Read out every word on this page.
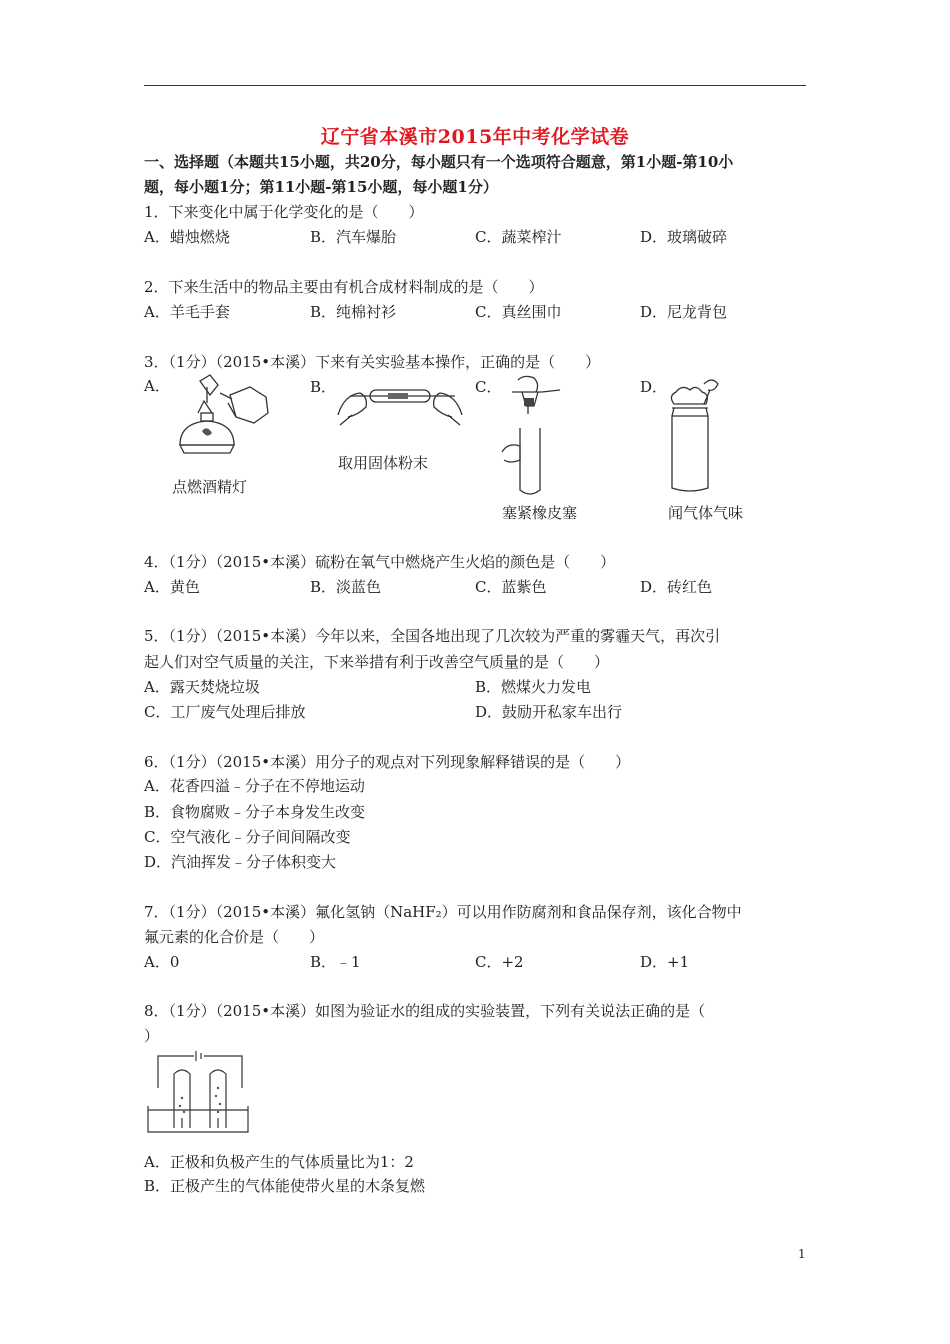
辽宁省本溪市2015年中考化学试卷
一、选择题（本题共15小题，共20分，每小题只有一个选项符合题意，第1小题-第10小
题，每小题1分；第11小题-第15小题，每小题1分）
1．下来变化中属于化学变化的是（　　）
A．蜡烛燃烧	B．汽车爆胎	C．蔬菜榨汁	D．玻璃破碎
2．下来生活中的物品主要由有机合成材料制成的是（　　）
A．羊毛手套	B．纯棉衬衫	C．真丝围巾	D．尼龙背包
3．（1分）（2015•本溪）下来有关实验基本操作，正确的是（　　）
A．	B．	C．	D．
点燃酒精灯
取用固体粉末
塞紧橡皮塞	闻气体气味
4．（1分）（2015•本溪）硫粉在氧气中燃烧产生火焰的颜色是（　　）
A．黄色	B．淡蓝色	C．蓝紫色	D．砖红色
5．（1分）（2015•本溪）今年以来，全国各地出现了几次较为严重的雾霾天气，再次引
起人们对空气质量的关注，下来举措有利于改善空气质量的是（　　）
A．露天焚烧垃圾	B．燃煤火力发电
C．工厂废气处理后排放	D．鼓励开私家车出行
6．（1分）（2015•本溪）用分子的观点对下列现象解释错误的是（　　）
A．花香四溢﹣分子在不停地运动
B．食物腐败﹣分子本身发生改变
C．空气液化﹣分子间间隔改变
D．汽油挥发﹣分子体积变大
7．（1分）（2015•本溪）氟化氢钠（NaHF₂）可以用作防腐剂和食品保存剂，该化合物中
氟元素的化合价是（　　）
A．0	B．﹣1	C．+2	D．+1
8．（1分）（2015•本溪）如图为验证水的组成的实验装置，下列有关说法正确的是（
）
A．正极和负极产生的气体质量比为1：2
B．正极产生的气体能使带火星的木条复燃
1
